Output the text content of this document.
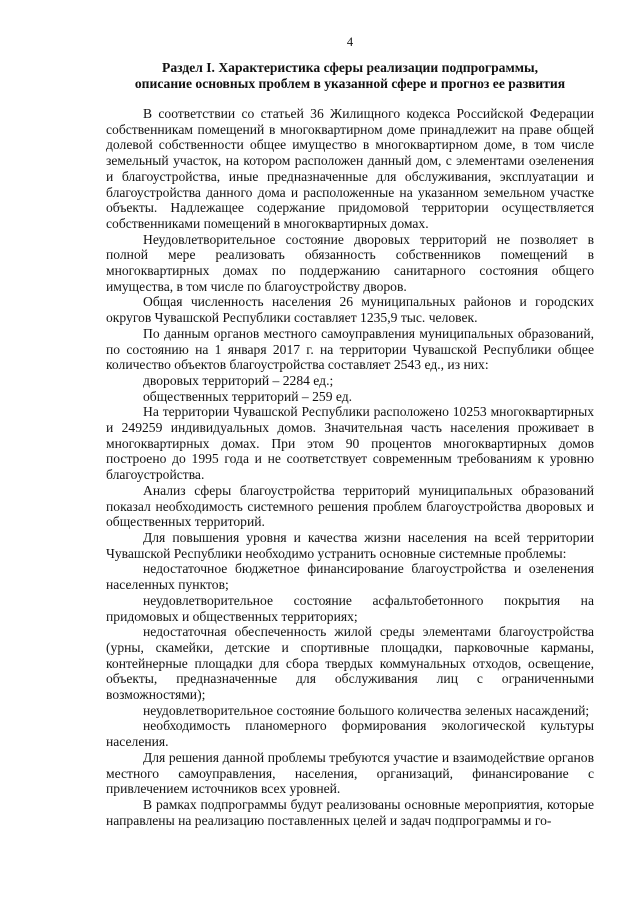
4
Раздел I. Характеристика сферы реализации подпрограммы,
описание основных проблем в указанной сфере и прогноз ее развития

В соответствии со статьей 36 Жилищного кодекса Российской Федерации собственникам помещений в многоквартирном доме принадлежит на праве общей долевой собственности общее имущество в многоквартирном доме, в том числе земельный участок, на котором расположен данный дом, с элементами озеленения и благоустройства, иные предназначенные для обслуживания, эксплуатации и благоустройства данного дома и расположенные на указанном земельном участке объекты. Надлежащее содержание придомовой территории осуществляется собственниками помещений в многоквартирных домах.

Неудовлетворительное состояние дворовых территорий не позволяет в полной мере реализовать обязанность собственников помещений в многоквартирных домах по поддержанию санитарного состояния общего имущества, в том числе по благоустройству дворов.

Общая численность населения 26 муниципальных районов и городских округов Чувашской Республики составляет 1235,9 тыс. человек.

По данным органов местного самоуправления муниципальных образований, по состоянию на 1 января 2017 г. на территории Чувашской Республики общее количество объектов благоустройства составляет 2543 ед., из них:

дворовых территорий – 2284 ед.;

общественных территорий – 259 ед.

На территории Чувашской Республики расположено 10253 многоквартирных и 249259 индивидуальных домов. Значительная часть населения проживает в многоквартирных домах. При этом 90 процентов многоквартирных домов построено до 1995 года и не соответствует современным требованиям к уровню благоустройства.

Анализ сферы благоустройства территорий муниципальных образований показал необходимость системного решения проблем благоустройства дворовых и общественных территорий.

Для повышения уровня и качества жизни населения на всей территории Чувашской Республики необходимо устранить основные системные проблемы:

недостаточное бюджетное финансирование благоустройства и озеленения населенных пунктов;

неудовлетворительное состояние асфальтобетонного покрытия на придомовых и общественных территориях;

недостаточная обеспеченность жилой среды элементами благоустройства (урны, скамейки, детские и спортивные площадки, парковочные карманы, контейнерные площадки для сбора твердых коммунальных отходов, освещение, объекты, предназначенные для обслуживания лиц с ограниченными возможностями);

неудовлетворительное состояние большого количества зеленых насаждений;

необходимость планомерного формирования экологической культуры населения.

Для решения данной проблемы требуются участие и взаимодействие органов местного самоуправления, населения, организаций, финансирование с привлечением источников всех уровней.

В рамках подпрограммы будут реализованы основные мероприятия, которые направлены на реализацию поставленных целей и задач подпрограммы и го-
